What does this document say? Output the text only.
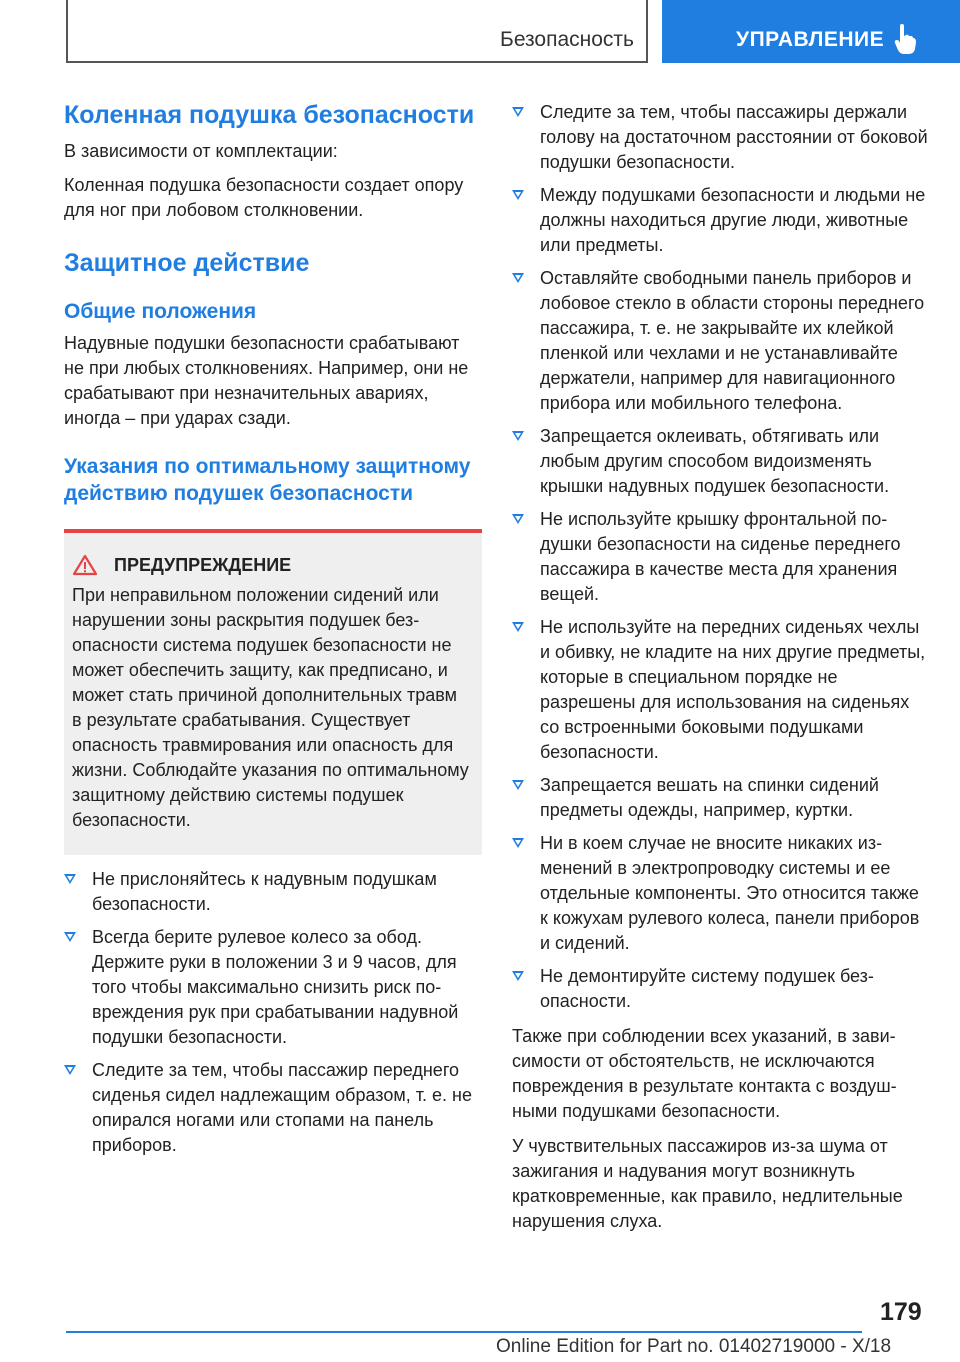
Безопасность	УПРАВЛЕНИЕ
Коленная подушка безопасности

В зависимости от комплектации:

Коленная подушка безопасности создает опору для ног при лобовом столкновении.

Защитное действие
Общие положения

Надувные подушки безопасности срабатывают не при любых столкновениях. Например, они не срабатывают при незначительных авариях, иногда – при ударах сзади.

Указания по оптимальному защитному действию подушек безопасности
ПРЕДУПРЕЖДЕНИЕ

При неправильном положении сидений или нарушении зоны раскрытия подушек безопасности система подушек безопасности не может обеспечить защиту, как предписано, и может стать причиной дополнительных травм в результате срабатывания. Существует опасность травмирования или опасность для жизни. Соблюдайте указания по оптимальному защитному действию системы подушек безопасности.

Не прислоняйтесь к надувным подушкам безопасности.
Всегда берите рулевое колесо за обод. Держите руки в положении 3 и 9 часов, для того чтобы максимально снизить риск повреждения рук при срабатывании надувной подушки безопасности.
Следите за тем, чтобы пассажир переднего сиденья сидел надлежащим образом, т. е. не опирался ногами или стопами на панель приборов.
Следите за тем, чтобы пассажиры держали голову на достаточном расстоянии от боковой подушки безопасности.
Между подушками безопасности и людьми не должны находиться другие люди, животные или предметы.
Оставляйте свободными панель приборов и лобовое стекло в области стороны переднего пассажира, т. е. не закрывайте их клейкой пленкой или чехлами и не устанавливайте держатели, например для навигационного прибора или мобильного телефона.
Запрещается оклеивать, обтягивать или любым другим способом видоизменять крышки надувных подушек безопасности.
Не используйте крышку фронтальной подушки безопасности на сиденье переднего пассажира в качестве места для хранения вещей.
Не используйте на передних сиденьях чехлы и обивку, не кладите на них другие предметы, которые в специальном порядке не разрешены для использования на сиденьях со встроенными боковыми подушками безопасности.
Запрещается вешать на спинки сидений предметы одежды, например, куртки.
Ни в коем случае не вносите никаких изменений в электропроводку системы и ее отдельные компоненты. Это относится также к кожухам рулевого колеса, панели приборов и сидений.
Не демонтируйте систему подушек безопасности.

Также при соблюдении всех указаний, в зависимости от обстоятельств, не исключаются повреждения в результате контакта с воздушными подушками безопасности.

У чувствительных пассажиров из-за шума от зажигания и надувания могут возникнуть кратковременные, как правило, недлительные нарушения слуха.

179
Online Edition for Part no. 01402719000 - X/18
